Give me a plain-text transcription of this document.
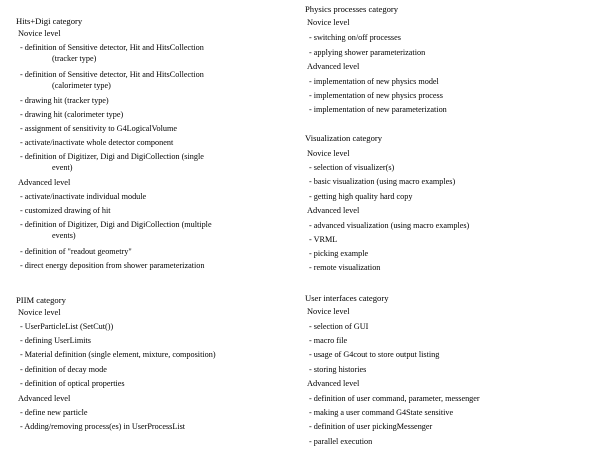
Hits+Digi category
Novice level
- definition of Sensitive detector, Hit and HitsCollection
(tracker type)
- definition of Sensitive detector, Hit and HitsCollection
(calorimeter type)
- drawing hit (tracker type)
- drawing hit (calorimeter type)
- assignment of sensitivity to G4LogicalVolume
- activate/inactivate whole detector component
- definition of Digitizer, Digi and DigiCollection (single
event)
Advanced level
- activate/inactivate individual module
- customized drawing of hit
- definition of Digitizer, Digi and DigiCollection (multiple
events)
- definition of "readout geometry"
- direct energy deposition from shower parameterization
PIIM category
Novice level
- UserParticleList (SetCut())
- defining UserLimits
- Material definition (single element, mixture, composition)
- definition of decay mode
- definition of optical properties
Advanced level
- define new particle
- Adding/removing process(es) in UserProcessList
Physics processes category
Novice level
- switching on/off processes
- applying shower parameterization
Advanced level
- implementation of new physics model
- implementation of new physics process
- implementation of new parameterization
Visualization category
Novice level
- selection of visualizer(s)
- basic visualization (using macro examples)
- getting high quality hard copy
Advanced level
- advanced visualization (using macro examples)
- VRML
- picking example
- remote visualization
User interfaces category
Novice level
- selection of GUI
- macro file
- usage of G4cout to store output listing
- storing histories
Advanced level
- definition of user command, parameter, messenger
- making a user command G4State sensitive
- definition of user pickingMessenger
- parallel execution
